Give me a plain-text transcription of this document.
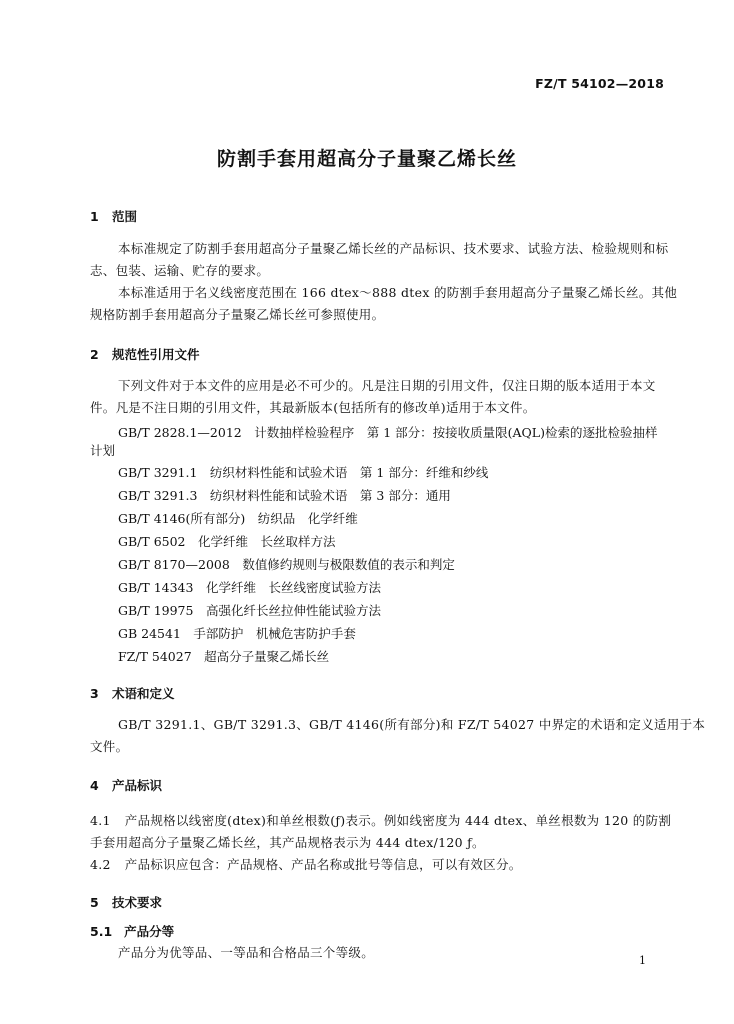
FZ/T 54102—2018
防割手套用超高分子量聚乙烯长丝
1 范围
本标准规定了防割手套用超高分子量聚乙烯长丝的产品标识、技术要求、试验方法、检验规则和标
志、包装、运输、贮存的要求。
本标准适用于名义线密度范围在 166 dtex～888 dtex 的防割手套用超高分子量聚乙烯长丝。其他
规格防割手套用超高分子量聚乙烯长丝可参照使用。
2 规范性引用文件
下列文件对于本文件的应用是必不可少的。凡是注日期的引用文件，仅注日期的版本适用于本文
件。凡是不注日期的引用文件，其最新版本(包括所有的修改单)适用于本文件。
GB/T 2828.1—2012　计数抽样检验程序　第 1 部分：按接收质量限(AQL)检索的逐批检验抽样
计划
GB/T 3291.1　纺织材料性能和试验术语　第 1 部分：纤维和纱线
GB/T 3291.3　纺织材料性能和试验术语　第 3 部分：通用
GB/T 4146(所有部分)　纺织品　化学纤维
GB/T 6502　化学纤维　长丝取样方法
GB/T 8170—2008　数值修约规则与极限数值的表示和判定
GB/T 14343　化学纤维　长丝线密度试验方法
GB/T 19975　高强化纤长丝拉伸性能试验方法
GB 24541　手部防护　机械危害防护手套
FZ/T 54027　超高分子量聚乙烯长丝
3 术语和定义
GB/T 3291.1、GB/T 3291.3、GB/T 4146(所有部分)和 FZ/T 54027 中界定的术语和定义适用于本
文件。
4 产品标识
4.1 产品规格以线密度(dtex)和单丝根数(ƒ)表示。例如线密度为 444 dtex、单丝根数为 120 的防割
手套用超高分子量聚乙烯长丝，其产品规格表示为 444 dtex/120 ƒ。
4.2 产品标识应包含：产品规格、产品名称或批号等信息，可以有效区分。
5 技术要求
5.1 产品分等
产品分为优等品、一等品和合格品三个等级。
1
